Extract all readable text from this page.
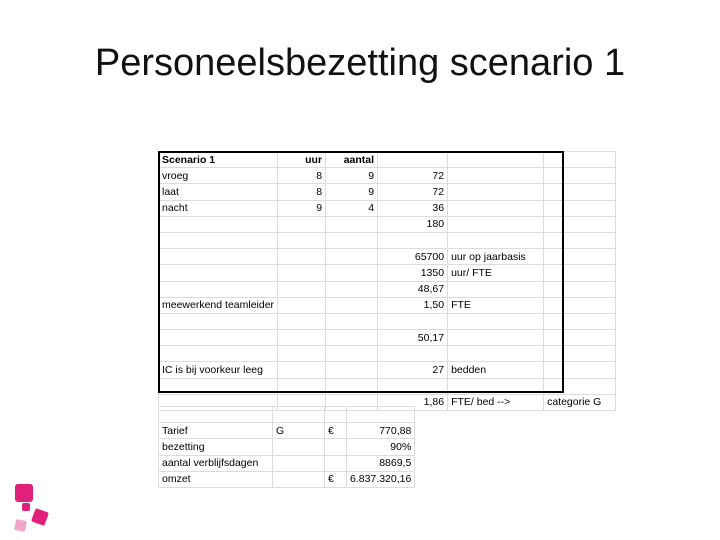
Personeelsbezetting scenario 1
Scenario 1	uur	aantal			
vroeg	8	9	72		
laat	8	9	72		
nacht	9	4	36		
			180		

			65700	uur op jaarbasis	
			1350	uur/ FTE	
			48,67		
meewerkend teamleider			1,50	FTE	

			50,17		

IC is bij voorkeur leeg			27	bedden	

			1,86	FTE/ bed -->	categorie G

Tarief	G	€	770,88
bezetting			90%
aantal verblijfsdagen			8869,5
omzet		€	6.837.320,16
